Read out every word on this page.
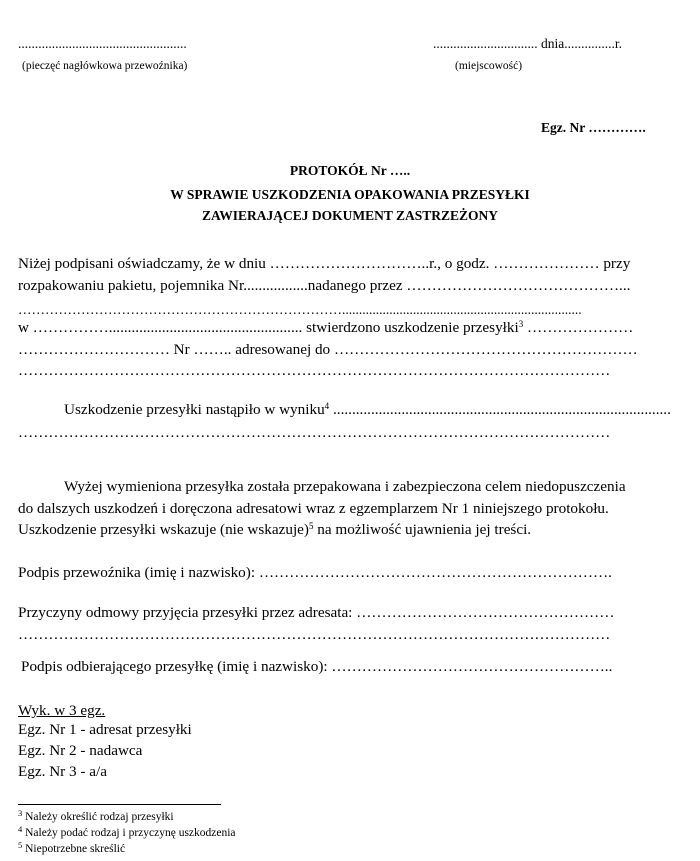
..................................................
(pieczęć nagłówkowa przewoźnika)
............................... dnia...............r.
(miejscowość)
Egz. Nr ………….
PROTOKÓŁ Nr …..
W SPRAWIE USZKODZENIA OPAKOWANIA PRZESYŁKI
ZAWIERAJĄCEJ DOKUMENT ZASTRZEŻONY
Niżej podpisani oświadczamy, że w dniu …………………………..r., o godz. ………………… przy
rozpakowaniu pakietu, pojemnika Nr.................nadanego przez ……………………………………...
……………………………………………………………….......................................................................
w ……………................................................... stwierdzono uszkodzenie przesyłki$^3$ …………………
………………………… Nr …….. adresowanej do ……………………………………………………
………………………………………………………………………………………………………
Uszkodzenie przesyłki nastąpiło w wyniku$^4$ .........................................................................................
………………………………………………………………………………………………………
Wyżej wymieniona przesyłka została przepakowana i zabezpieczona celem niedopuszczenia
do dalszych uszkodzeń i doręczona adresatowi wraz z egzemplarzem Nr 1 niniejszego protokołu.
Uszkodzenie przesyłki wskazuje (nie wskazuje)$^5$ na możliwość ujawnienia jej treści.
Podpis przewoźnika (imię i nazwisko): …………………………………………………………….
Przyczyny odmowy przyjęcia przesyłki przez adresata: ……………………………………………
………………………………………………………………………………………………………
Podpis odbierającego przesyłkę (imię i nazwisko): ………………………………………………..
Wyk. w 3 egz.
Egz. Nr 1 - adresat przesyłki
Egz. Nr 2 - nadawca
Egz. Nr 3 - a/a
$^3$ Należy określić rodzaj przesyłki
$^4$ Należy podać rodzaj i przyczynę uszkodzenia
$^5$ Niepotrzebne skreślić
